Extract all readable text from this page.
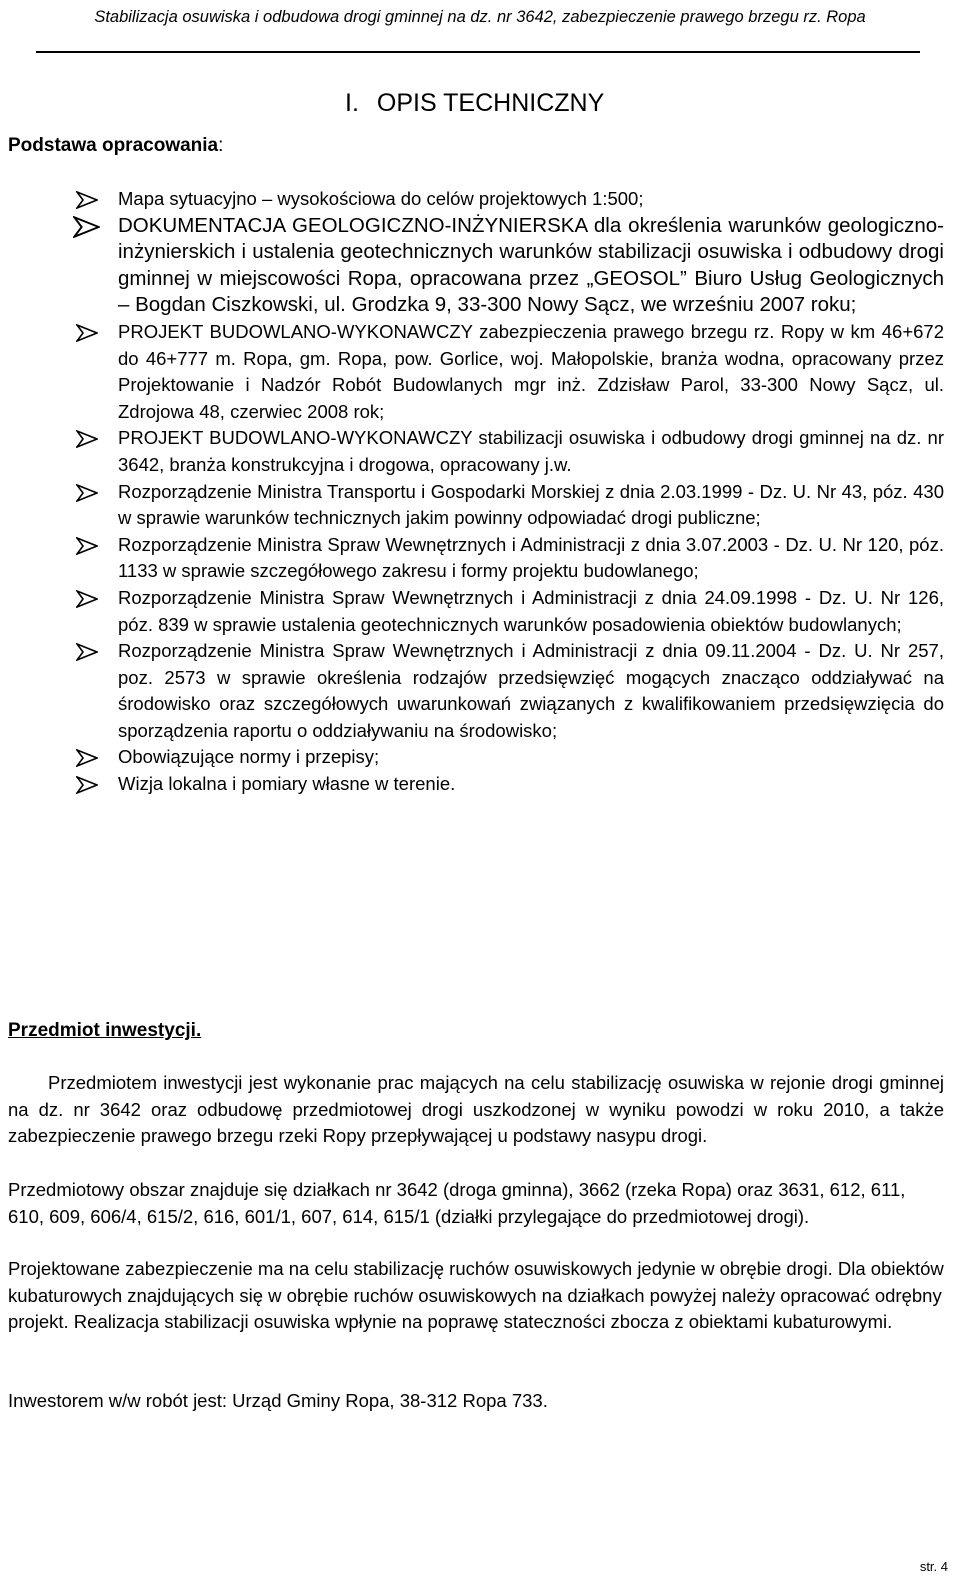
Stabilizacja osuwiska i odbudowa drogi gminnej na dz. nr 3642, zabezpieczenie prawego brzegu rz. Ropa
I. OPIS TECHNICZNY
Podstawa opracowania:
Mapa sytuacyjno – wysokościowa do celów projektowych 1:500;
DOKUMENTACJA GEOLOGICZNO-INŻYNIERSKA dla określenia warunków geologiczno-inżynierskich i ustalenia geotechnicznych warunków stabilizacji osuwiska i odbudowy drogi gminnej w miejscowości Ropa, opracowana przez „GEOSOL” Biuro Usług Geologicznych – Bogdan Ciszkowski, ul. Grodzka 9, 33-300 Nowy Sącz, we wrześniu 2007 roku;
PROJEKT BUDOWLANO-WYKONAWCZY zabezpieczenia prawego brzegu rz. Ropy w km 46+672 do 46+777 m. Ropa, gm. Ropa, pow. Gorlice, woj. Małopolskie, branża wodna, opracowany przez Projektowanie i Nadzór Robót Budowlanych mgr inż. Zdzisław Parol, 33-300 Nowy Sącz, ul. Zdrojowa 48, czerwiec 2008 rok;
PROJEKT BUDOWLANO-WYKONAWCZY stabilizacji osuwiska i odbudowy drogi gminnej na dz. nr 3642, branża konstrukcyjna i drogowa, opracowany j.w.
Rozporządzenie Ministra Transportu i Gospodarki Morskiej z dnia 2.03.1999 - Dz. U. Nr 43, póz. 430 w sprawie warunków technicznych jakim powinny odpowiadać drogi publiczne;
Rozporządzenie Ministra Spraw Wewnętrznych i Administracji z dnia 3.07.2003 - Dz. U. Nr 120, póz. 1133 w sprawie szczegółowego zakresu i formy projektu budowlanego;
Rozporządzenie Ministra Spraw Wewnętrznych i Administracji z dnia 24.09.1998 - Dz. U. Nr 126, póz. 839 w sprawie ustalenia geotechnicznych warunków posadowienia obiektów budowlanych;
Rozporządzenie Ministra Spraw Wewnętrznych i Administracji z dnia 09.11.2004 - Dz. U. Nr 257, poz. 2573 w sprawie określenia rodzajów przedsięwzięć mogących znacząco oddziaływać na środowisko oraz szczegółowych uwarunkowań związanych z kwalifikowaniem przedsięwzięcia do sporządzenia raportu o oddziaływaniu na środowisko;
Obowiązujące normy i przepisy;
Wizja lokalna i pomiary własne w terenie.
Przedmiot inwestycji.

Przedmiotem inwestycji jest wykonanie prac mających na celu stabilizację osuwiska w rejonie drogi gminnej na dz. nr 3642 oraz odbudowę przedmiotowej drogi uszkodzonej w wyniku powodzi w roku 2010, a także zabezpieczenie prawego brzegu rzeki Ropy przepływającej u podstawy nasypu drogi.

Przedmiotowy obszar znajduje się działkach nr 3642 (droga gminna), 3662 (rzeka Ropa) oraz 3631, 612, 611, 610, 609, 606/4, 615/2, 616, 601/1, 607, 614, 615/1 (działki przylegające do przedmiotowej drogi).

Projektowane zabezpieczenie ma na celu stabilizację ruchów osuwiskowych jedynie w obrębie drogi. Dla obiektów kubaturowych znajdujących się w obrębie ruchów osuwiskowych na działkach powyżej należy opracować odrębny projekt. Realizacja stabilizacji osuwiska wpłynie na poprawę stateczności zbocza z obiektami kubaturowymi.

Inwestorem w/w robót jest: Urząd Gminy Ropa, 38-312 Ropa 733.

str. 4
